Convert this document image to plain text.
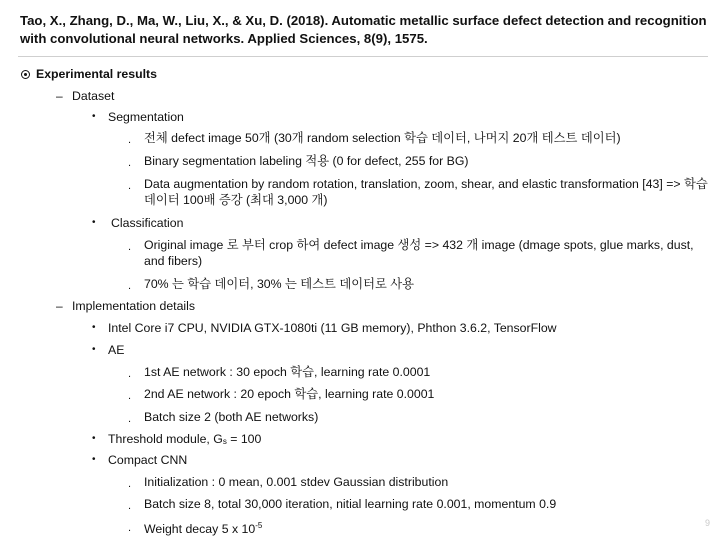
Tao, X., Zhang, D., Ma, W., Liu, X., & Xu, D. (2018). Automatic metallic surface defect detection and recognition with convolutional neural networks. Applied Sciences, 8(9), 1575.
Experimental results
– Dataset
• Segmentation
. 전체 defect image 50개 (30개 random selection 학습 데이터, 나머지 20개 테스트 데이터)
. Binary segmentation labeling 적용 (0 for defect, 255 for BG)
. Data augmentation by random rotation, translation, zoom, shear, and elastic transformation [43] => 학습 데이터 100배 증강 (최대 3,000 개)
• Classification
. Original image 로 부터 crop 하여 defect image 생성 => 432 개 image (dmage spots, glue marks, dust, and fibers)
. 70% 는 학습 데이터, 30% 는 테스트 데이터로 사용
– Implementation details
• Intel Core i7 CPU, NVIDIA GTX-1080ti (11 GB memory), Phthon 3.6.2, TensorFlow
• AE
. 1st AE network : 30 epoch 학습, learning rate 0.0001
. 2nd AE network : 20 epoch 학습, learning rate 0.0001
. Batch size 2 (both AE networks)
• Threshold module, $G_s = 100$
• Compact CNN
. Initialization : 0 mean, 0.001 stdev Gaussian distribution
. Batch size 8, total 30,000 iteration, nitial learning rate 0.001, momentum 0.9
. Weight decay 5 x $10^{-5}$	9
